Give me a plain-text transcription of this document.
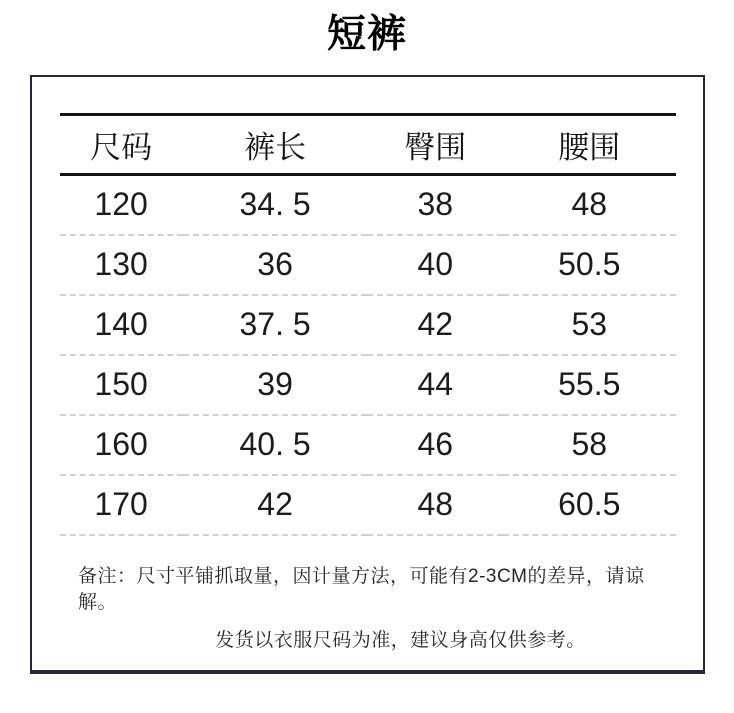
短裤
尺码	裤长	臀围	腰围
120	34. 5	38	48
130	36	40	50.5
140	37. 5	42	53
150	39	44	55.5
160	40. 5	46	58
170	42	48	60.5

备注：尺寸平铺抓取量，因计量方法，可能有2-3CM的差异，请谅解。

发货以衣服尺码为准，建议身高仅供参考。
